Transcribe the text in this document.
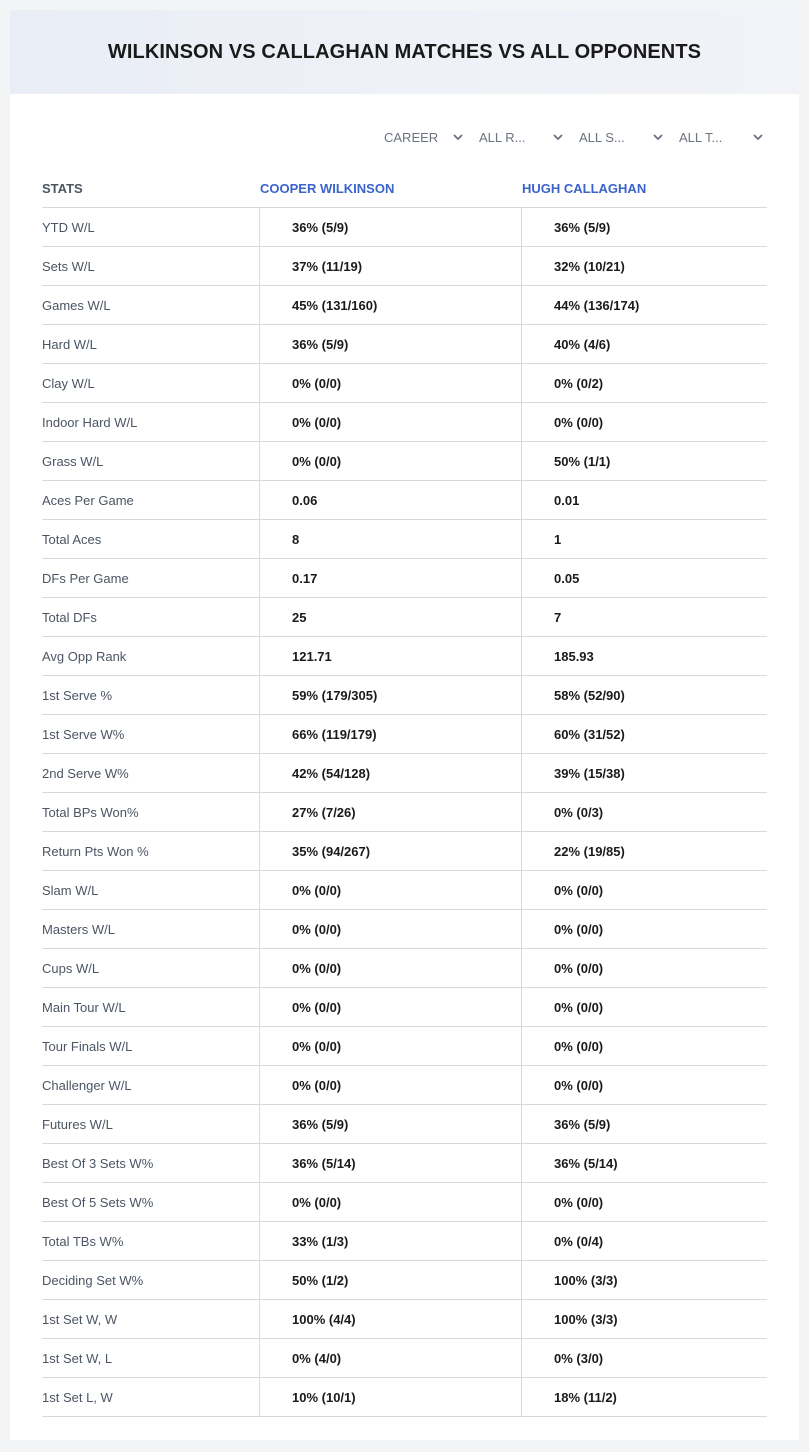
WILKINSON VS CALLAGHAN MATCHES VS ALL OPPONENTS
CAREER	ALL R...	ALL S...	ALL T...
STATS	COOPER WILKINSON	HUGH CALLAGHAN
YTD W/L	36% (5/9)	36% (5/9)
Sets W/L	37% (11/19)	32% (10/21)
Games W/L	45% (131/160)	44% (136/174)
Hard W/L	36% (5/9)	40% (4/6)
Clay W/L	0% (0/0)	0% (0/2)
Indoor Hard W/L	0% (0/0)	0% (0/0)
Grass W/L	0% (0/0)	50% (1/1)
Aces Per Game	0.06	0.01
Total Aces	8	1
DFs Per Game	0.17	0.05
Total DFs	25	7
Avg Opp Rank	121.71	185.93
1st Serve %	59% (179/305)	58% (52/90)
1st Serve W%	66% (119/179)	60% (31/52)
2nd Serve W%	42% (54/128)	39% (15/38)
Total BPs Won%	27% (7/26)	0% (0/3)
Return Pts Won %	35% (94/267)	22% (19/85)
Slam W/L	0% (0/0)	0% (0/0)
Masters W/L	0% (0/0)	0% (0/0)
Cups W/L	0% (0/0)	0% (0/0)
Main Tour W/L	0% (0/0)	0% (0/0)
Tour Finals W/L	0% (0/0)	0% (0/0)
Challenger W/L	0% (0/0)	0% (0/0)
Futures W/L	36% (5/9)	36% (5/9)
Best Of 3 Sets W%	36% (5/14)	36% (5/14)
Best Of 5 Sets W%	0% (0/0)	0% (0/0)
Total TBs W%	33% (1/3)	0% (0/4)
Deciding Set W%	50% (1/2)	100% (3/3)
1st Set W, W	100% (4/4)	100% (3/3)
1st Set W, L	0% (4/0)	0% (3/0)
1st Set L, W	10% (10/1)	18% (11/2)
